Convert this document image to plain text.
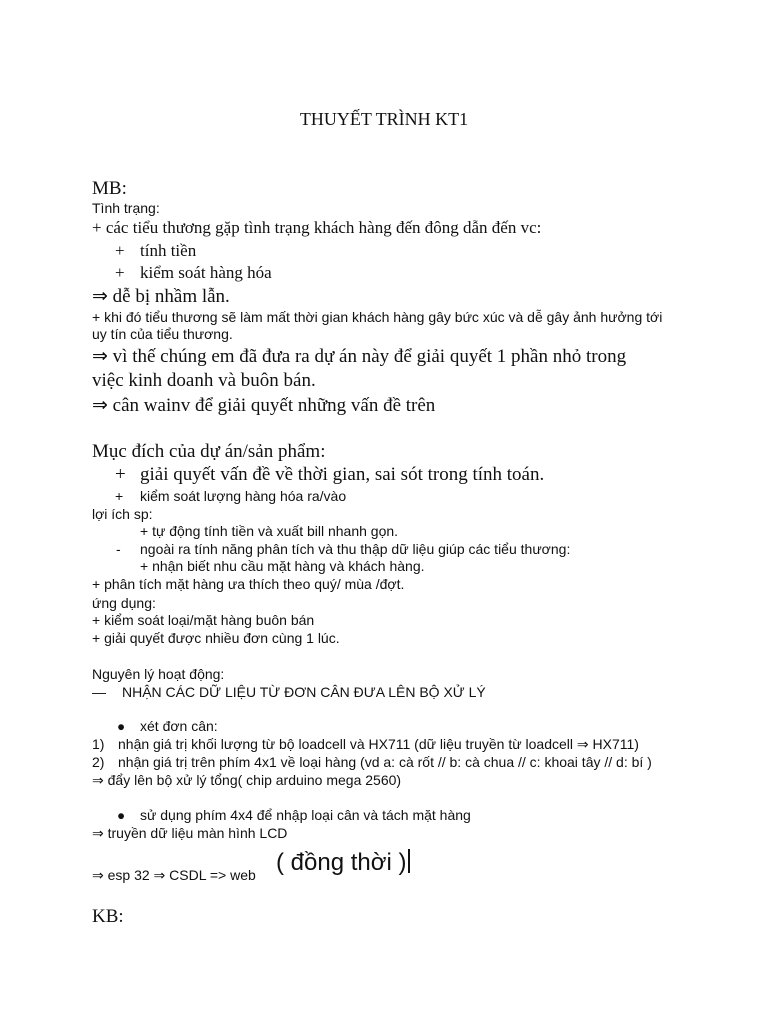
THUYẾT TRÌNH KT1
MB:
Tình trạng:
+ các tiểu thương gặp tình trạng khách hàng đến đông dẫn đến vc:
+ tính tiền
+ kiểm soát hàng hóa
⇒ dễ bị nhầm lẫn.
+ khi đó tiểu thương sẽ làm mất thời gian khách hàng gây bức xúc và dễ gây ảnh hưởng tới
uy tín của tiểu thương.
⇒ vì thế chúng em đã đưa ra dự án này để giải quyết 1 phần nhỏ trong
việc kinh doanh và buôn bán.
⇒ cân wainv để giải quyết những vấn đề trên
Mục đích của dự án/sản phẩm:
+ giải quyết vấn đề về thời gian, sai sót trong tính toán.
+ kiểm soát lượng hàng hóa ra/vào
lợi ích sp:
+ tự động tính tiền và xuất bill nhanh gọn.
- ngoài ra tính năng phân tích và thu thập dữ liệu giúp các tiểu thương:
+ nhận biết nhu cầu mặt hàng và khách hàng.
+ phân tích mặt hàng ưa thích theo quý/ mùa /đợt.
ứng dụng:
+ kiểm soát loại/mặt hàng buôn bán
+ giải quyết được nhiều đơn cùng 1 lúc.
Nguyên lý hoạt động:
— NHẬN CÁC DỮ LIỆU TỪ ĐƠN CÂN ĐƯA LÊN BỘ XỬ LÝ
● xét đơn cân:
1) nhận giá trị khối lượng từ bộ loadcell và HX711 (dữ liệu truyền từ loadcell ⇒ HX711)
2) nhận giá trị trên phím 4x1 về loại hàng (vd a: cà rốt // b: cà chua // c: khoai tây // d: bí )
⇒ đẩy lên bộ xử lý tổng( chip arduino mega 2560)
● sử dụng phím 4x4 để nhập loại cân và tách mặt hàng
⇒ truyền dữ liệu màn hình LCD
⇒ esp 32 ⇒ CSDL => web ( đồng thời )
KB:
